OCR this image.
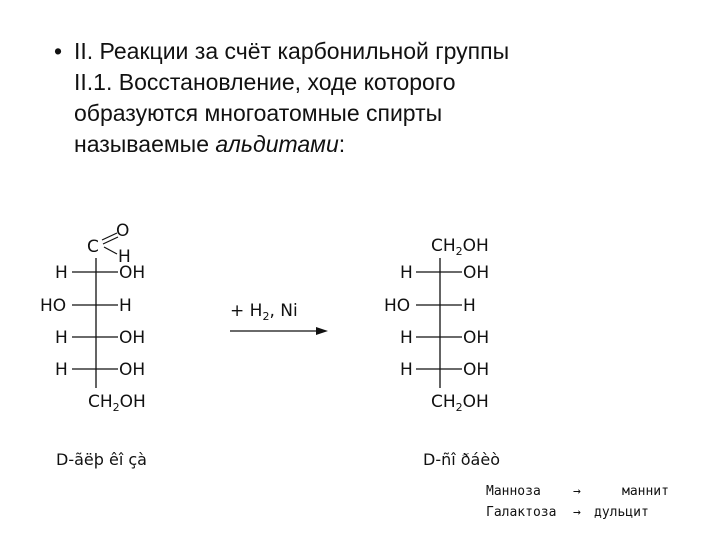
• II. Реакции за счёт карбонильной группы
II.1. Восстановление, ходе которого
образуются многоатомные спирты
называемые альдитами:
O
C H
H	OH
HO	H
H	OH
H	OH
$CH_2OH$
+ $H_2$, Ni
$CH_2OH$
H	OH
HO	H
H	OH
H	OH
$CH_2OH$
D-ãëþ êî çà	D-ñî ðáèò
Манноза →	маннит
Галактоза → дульцит
